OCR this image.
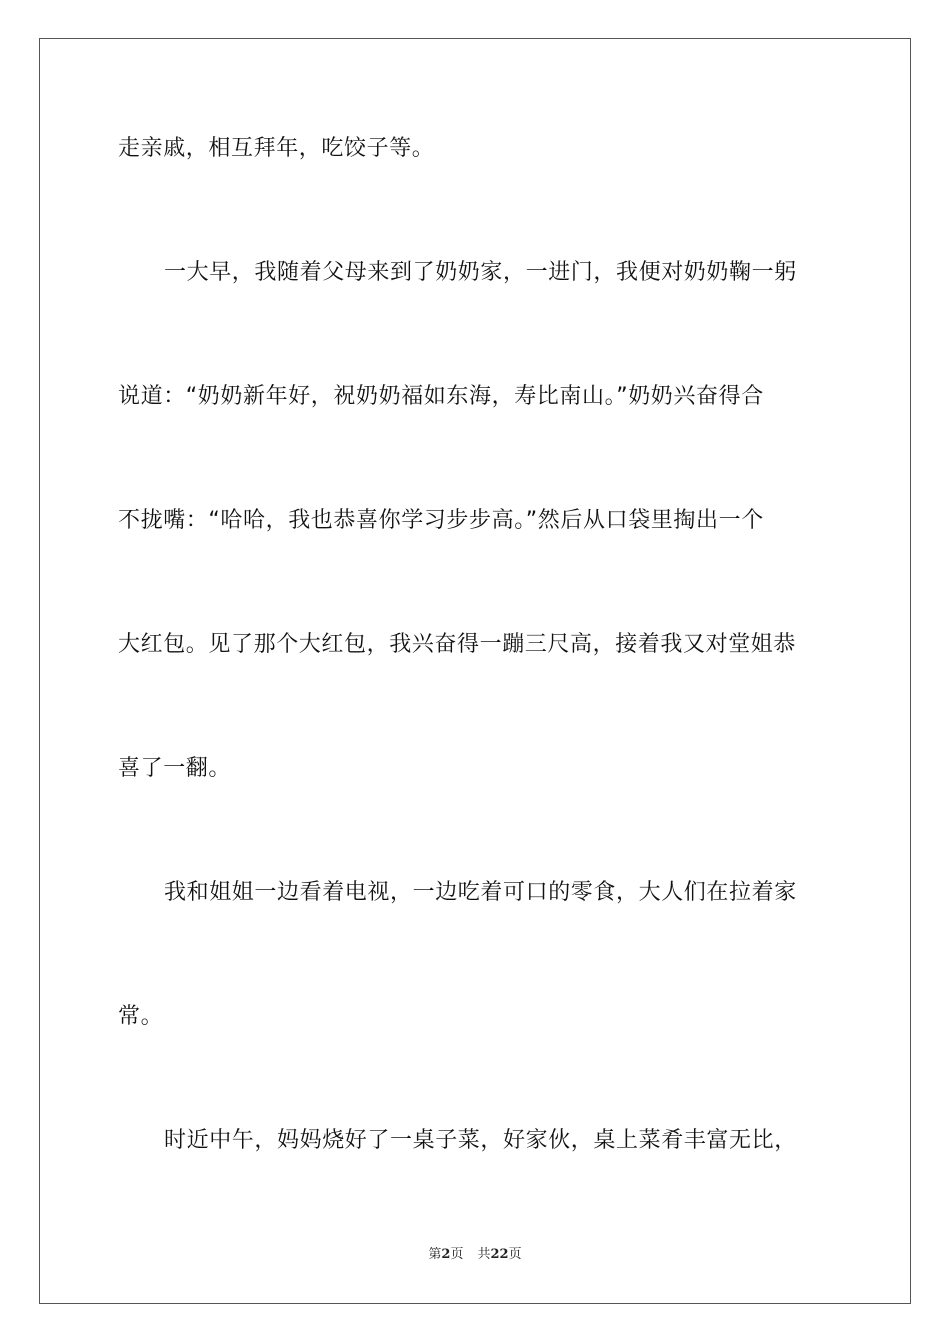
走亲戚，相互拜年，吃饺子等。
一大早，我随着父母来到了奶奶家，一进门，我便对奶奶鞠一躬
说道：“奶奶新年好，祝奶奶福如东海，寿比南山。”奶奶兴奋得合
不拢嘴：“哈哈，我也恭喜你学习步步高。”然后从口袋里掏出一个
大红包。见了那个大红包，我兴奋得一蹦三尺高，接着我又对堂姐恭
喜了一翻。
我和姐姐一边看着电视，一边吃着可口的零食，大人们在拉着家
常。
时近中午，妈妈烧好了一桌子菜，好家伙，桌上菜肴丰富无比，
第2页 共22页
